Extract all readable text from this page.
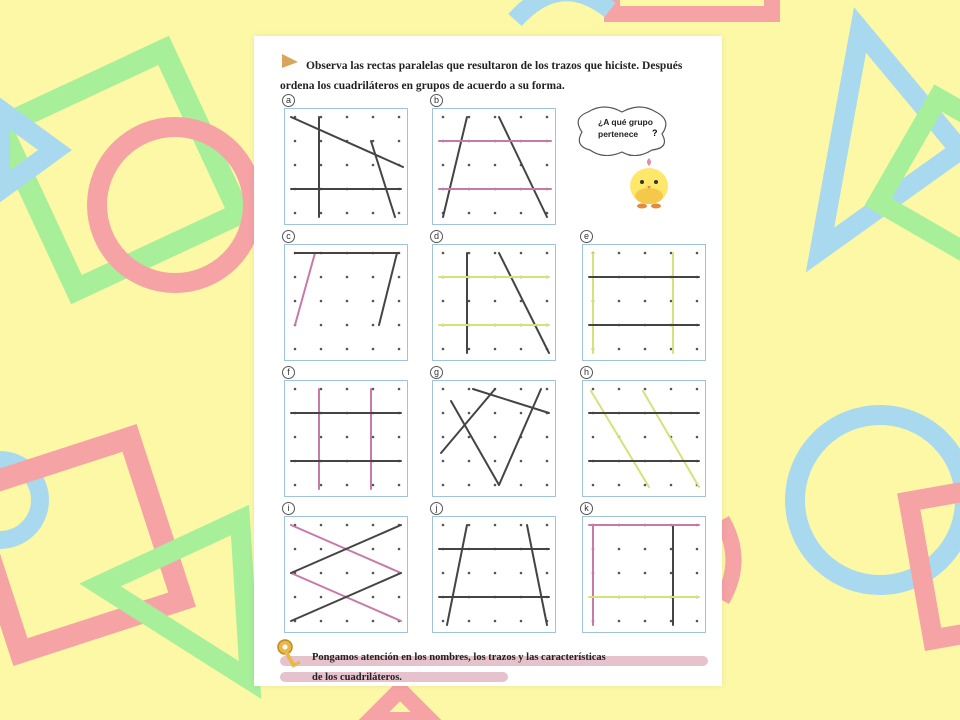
Observa las rectas paralelas que resultaron de los trazos que hiciste. Después
ordena los cuadriláteros en grupos de acuerdo a su forma.
a	b
¿A qué grupo
pertenece	?
c	d	e
f	g	h
i	j	k
Pongamos atención en los nombres, los trazos y las características
de los cuadriláteros.
